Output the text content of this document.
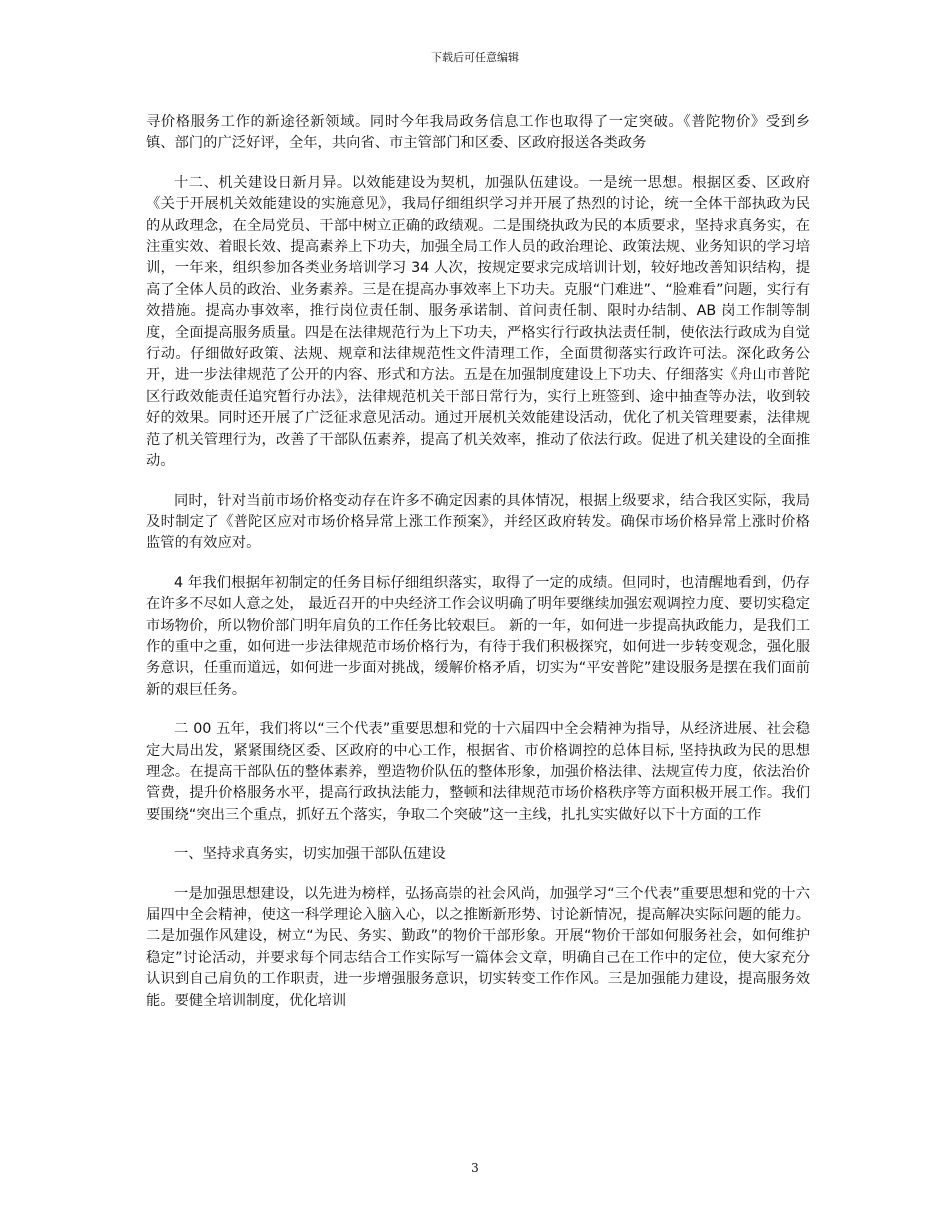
下载后可任意编辑

寻价格服务工作的新途径新领域。同时今年我局政务信息工作也取得了一定突破。《普陀物价》受到乡镇、部门的广泛好评，全年，共向省、市主管部门和区委、区政府报送各类政务

十二、机关建设日新月异。以效能建设为契机，加强队伍建设。一是统一思想。根据区委、区政府《关于开展机关效能建设的实施意见》，我局仔细组织学习并开展了热烈的讨论，统一全体干部执政为民的从政理念，在全局党员、干部中树立正确的政绩观。二是围绕执政为民的本质要求，坚持求真务实，在注重实效、着眼长效、提高素养上下功夫，加强全局工作人员的政治理论、政策法规、业务知识的学习培训，一年来，组织参加各类业务培训学习 34 人次，按规定要求完成培训计划，较好地改善知识结构，提高了全体人员的政治、业务素养。三是在提高办事效率上下功夫。克服“门难进”、“脸难看”问题，实行有效措施。提高办事效率，推行岗位责任制、服务承诺制、首问责任制、限时办结制、AB 岗工作制等制度，全面提高服务质量。四是在法律规范行为上下功夫，严格实行行政执法责任制，使依法行政成为自觉行动。仔细做好政策、法规、规章和法律规范性文件清理工作，全面贯彻落实行政许可法。深化政务公开，进一步法律规范了公开的内容、形式和方法。五是在加强制度建设上下功夫、仔细落实《舟山市普陀区行政效能责任追究暂行办法》，法律规范机关干部日常行为，实行上班签到、途中抽查等办法，收到较好的效果。同时还开展了广泛征求意见活动。通过开展机关效能建设活动，优化了机关管理要素，法律规范了机关管理行为，改善了干部队伍素养，提高了机关效率，推动了依法行政。促进了机关建设的全面推动。

同时，针对当前市场价格变动存在许多不确定因素的具体情况，根据上级要求，结合我区实际，我局及时制定了《普陀区应对市场价格异常上涨工作预案》，并经区政府转发。确保市场价格异常上涨时价格监管的有效应对。

4 年我们根据年初制定的任务目标仔细组织落实，取得了一定的成绩。但同时，也清醒地看到，仍存在许多不尽如人意之处， 最近召开的中央经济工作会议明确了明年要继续加强宏观调控力度、要切实稳定市场物价，所以物价部门明年肩负的工作任务比较艰巨。 新的一年，如何进一步提高执政能力，是我们工作的重中之重，如何进一步法律规范市场价格行为，有待于我们积极探究，如何进一步转变观念，强化服务意识，任重而道远，如何进一步面对挑战，缓解价格矛盾，切实为“平安普陀”建设服务是摆在我们面前新的艰巨任务。

二 00 五年，我们将以“三个代表”重要思想和党的十六届四中全会精神为指导，从经济进展、社会稳定大局出发，紧紧围绕区委、区政府的中心工作，根据省、市价格调控的总体目标, 坚持执政为民的思想理念。在提高干部队伍的整体素养，塑造物价队伍的整体形象，加强价格法律、法规宣传力度，依法治价管费，提升价格服务水平，提高行政执法能力，整顿和法律规范市场价格秩序等方面积极开展工作。我们要围绕“突出三个重点，抓好五个落实，争取二个突破”这一主线，扎扎实实做好以下十方面的工作

一、坚持求真务实，切实加强干部队伍建设

一是加强思想建设，以先进为榜样，弘扬高崇的社会风尚，加强学习“三个代表”重要思想和党的十六届四中全会精神，使这一科学理论入脑入心，以之推断新形势、讨论新情况，提高解决实际问题的能力。二是加强作风建设，树立“为民、务实、勤政”的物价干部形象。开展“物价干部如何服务社会，如何维护稳定”讨论活动，并要求每个同志结合工作实际写一篇体会文章，明确自己在工作中的定位，使大家充分认识到自己肩负的工作职责，进一步增强服务意识，切实转变工作作风。三是加强能力建设，提高服务效能。要健全培训制度，优化培训

3
